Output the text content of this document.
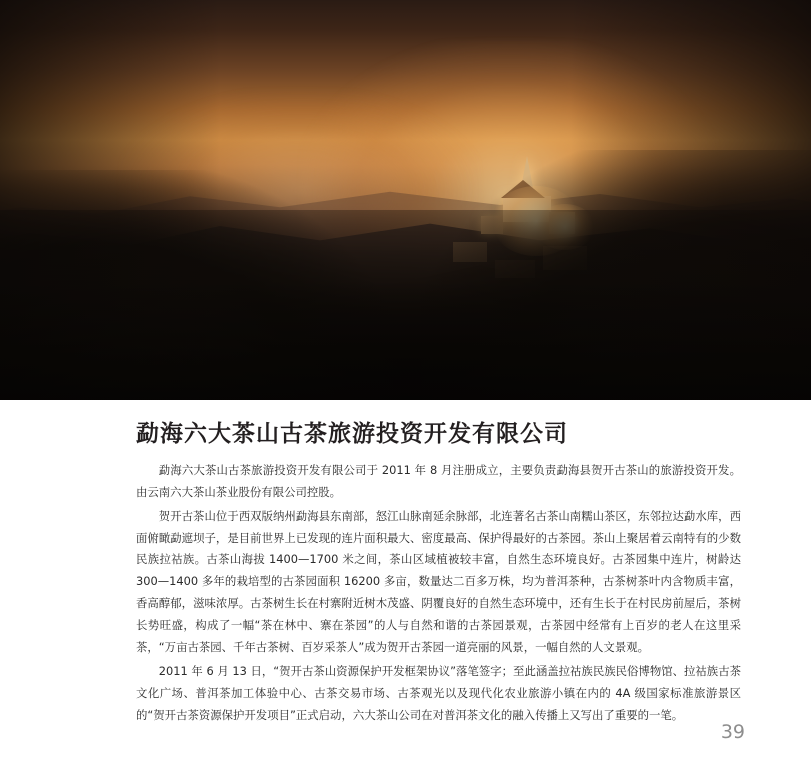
勐海六大茶山古茶旅游投资开发有限公司

勐海六大茶山古茶旅游投资开发有限公司于 2011 年 8 月注册成立，主要负责勐海县贺开古茶山的旅游投资开发。由云南六大茶山茶业股份有限公司控股。

贺开古茶山位于西双版纳州勐海县东南部，怒江山脉南延余脉部，北连著名古茶山南糯山茶区，东邻拉达勐水库，西面俯瞰勐遮坝子，是目前世界上已发现的连片面积最大、密度最高、保护得最好的古茶园。茶山上聚居着云南特有的少数民族拉祜族。古茶山海拔 1400—1700 米之间，茶山区域植被较丰富，自然生态环境良好。古茶园集中连片，树龄达 300—1400 多年的栽培型的古茶园面积 16200 多亩，数量达二百多万株，均为普洱茶种，古茶树茶叶内含物质丰富，香高醇郁，滋味浓厚。古茶树生长在村寨附近树木茂盛、阴覆良好的自然生态环境中，还有生长于在村民房前屋后，茶树长势旺盛，构成了一幅“茶在林中、寨在茶园”的人与自然和谐的古茶园景观，古茶园中经常有上百岁的老人在这里采茶，“万亩古茶园、千年古茶树、百岁采茶人”成为贺开古茶园一道亮丽的风景，一幅自然的人文景观。

2011 年 6 月 13 日，“贺开古茶山资源保护开发框架协议”落笔签字；至此涵盖拉祜族民族民俗博物馆、拉祜族古茶文化广场、普洱茶加工体验中心、古茶交易市场、古茶观光以及现代化农业旅游小镇在内的 4A 级国家标准旅游景区的“贺开古茶资源保护开发项目”正式启动，六大茶山公司在对普洱茶文化的融入传播上又写出了重要的一笔。

39
